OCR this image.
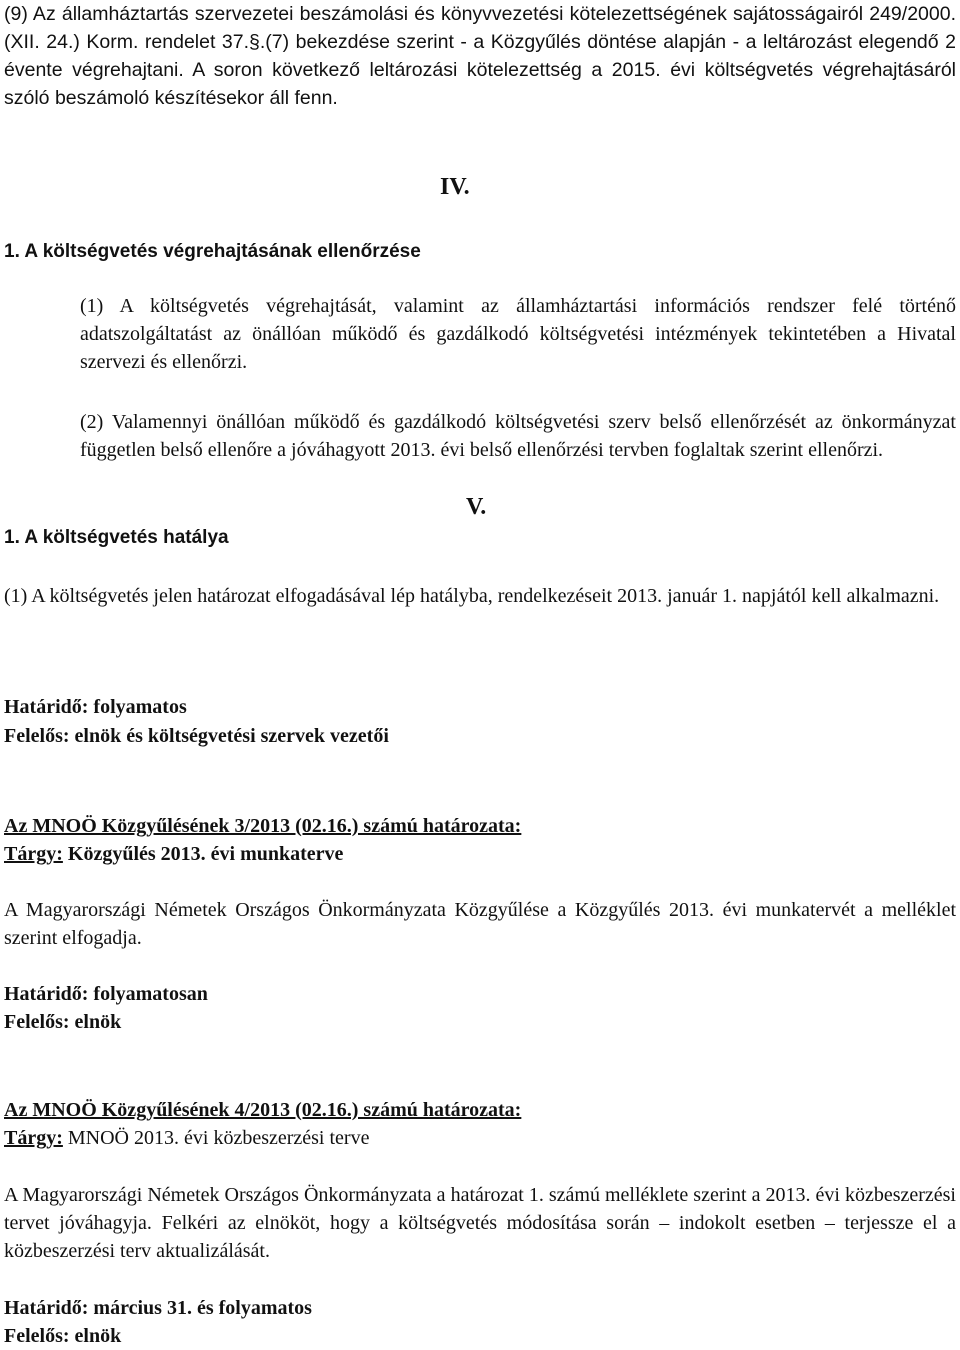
(9) Az államháztartás szervezetei beszámolási és könyvvezetési kötelezettségének sajátosságairól 249/2000. (XII. 24.) Korm. rendelet 37.§.(7) bekezdése szerint - a Közgyűlés döntése alapján - a leltározást elegendő 2 évente végrehajtani. A soron következő leltározási kötelezettség a 2015. évi költségvetés végrehajtásáról szóló beszámoló készítésekor áll fenn.

IV.
1. A költségvetés végrehajtásának ellenőrzése

(1) A költségvetés végrehajtását, valamint az államháztartási információs rendszer felé történő adatszolgáltatást az önállóan működő és gazdálkodó költségvetési intézmények tekintetében a Hivatal szervezi és ellenőrzi.

(2) Valamennyi önállóan működő és gazdálkodó költségvetési szerv belső ellenőrzését az önkormányzat független belső ellenőre a jóváhagyott 2013. évi belső ellenőrzési tervben foglaltak szerint ellenőrzi.

V.
1. A költségvetés hatálya

(1) A költségvetés jelen határozat elfogadásával lép hatályba, rendelkezéseit 2013. január 1. napjától kell alkalmazni.

Határidő: folyamatos
Felelős: elnök és költségvetési szervek vezetői
Az MNOÖ Közgyűlésének 3/2013 (02.16.) számú határozata:
Tárgy: Közgyűlés 2013. évi munkaterve

A Magyarországi Németek Országos Önkormányzata Közgyűlése a Közgyűlés 2013. évi munkatervét a melléklet szerint elfogadja.

Határidő: folyamatosan
Felelős: elnök
Az MNOÖ Közgyűlésének 4/2013 (02.16.) számú határozata:
Tárgy: MNOÖ 2013. évi közbeszerzési terve

A Magyarországi Németek Országos Önkormányzata a határozat 1. számú melléklete szerint a 2013. évi közbeszerzési tervet jóváhagyja. Felkéri az elnököt, hogy a költségvetés módosítása során – indokolt esetben – terjessze el a közbeszerzési terv aktualizálását.

Határidő: március 31. és folyamatos
Felelős: elnök
